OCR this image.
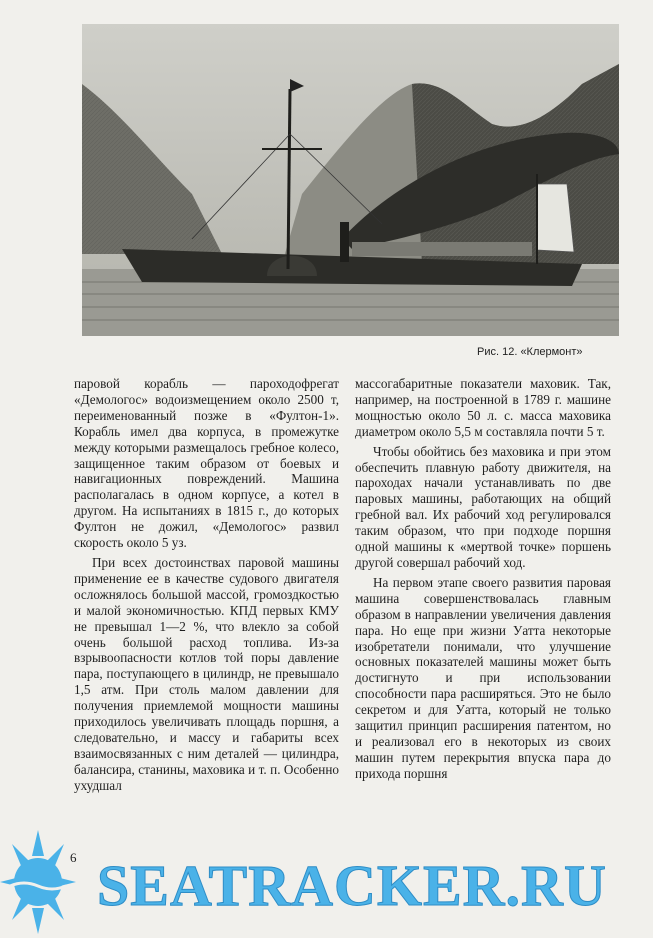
Рис. 12. «Клермонт»

паровой корабль — пароходофрегат «Демологос» водоизмещением около 2500 т, переименованный позже в «Фултон-1». Корабль имел два корпуса, в промежутке между которыми размещалось гребное колесо, защищенное таким образом от боевых и навигационных повреждений. Машина располагалась в одном корпусе, а котел в другом. На испытаниях в 1815 г., до которых Фултон не дожил, «Демологос» развил скорость около 5 уз.

При всех достоинствах паровой машины применение ее в качестве судового двигателя осложнялось большой массой, громоздкостью и малой экономичностью. КПД первых КМУ не превышал 1—2 %, что влекло за собой очень большой расход топлива. Из-за взрывоопасности котлов той поры давление пара, поступающего в цилиндр, не превышало 1,5 атм. При столь малом давлении для получения приемлемой мощности машины приходилось увеличивать площадь поршня, а следовательно, и массу и габариты всех взаимосвязанных с ним деталей — цилиндра, балансира, станины, маховика и т. п. Особенно ухудшал

массогабаритные показатели маховик. Так, например, на построенной в 1789 г. машине мощностью около 50 л. с. масса маховика диаметром около 5,5 м составляла почти 5 т.

Чтобы обойтись без маховика и при этом обеспечить плавную работу движителя, на пароходах начали устанавливать по две паровых машины, работающих на общий гребной вал. Их рабочий ход регулировался таким образом, что при подходе поршня одной машины к «мертвой точке» поршень другой совершал рабочий ход.

На первом этапе своего развития паровая машина совершенствовалась главным образом в направлении увеличения давления пара. Но еще при жизни Уатта некоторые изобретатели понимали, что улучшение основных показателей машины может быть достигнуто и при использовании способности пара расширяться. Это не было секретом и для Уатта, который не только защитил принцип расширения патентом, но и реализовал его в некоторых из своих машин путем перекрытия впуска пара до прихода поршня

6 SEATRACKER.RU
